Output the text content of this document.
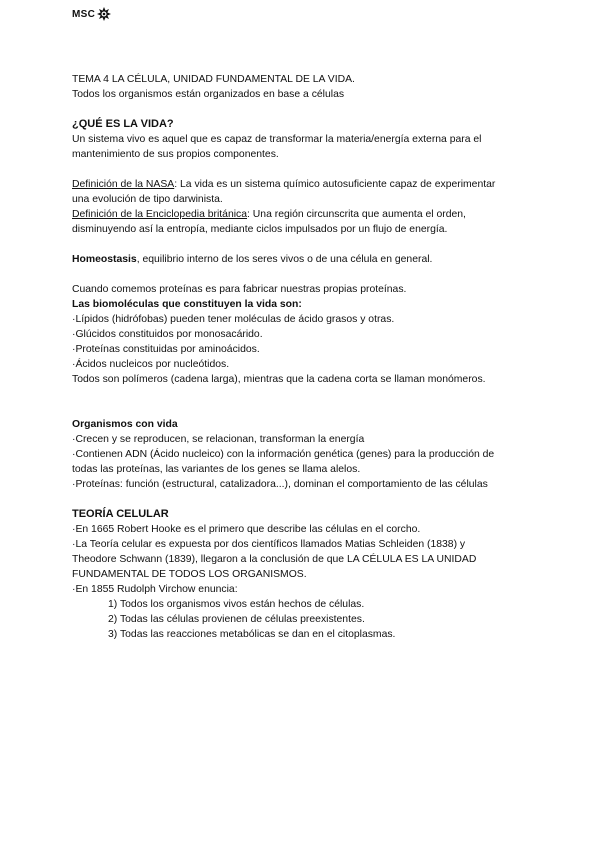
MSC

TEMA 4 LA CÉLULA, UNIDAD FUNDAMENTAL DE LA VIDA.

Todos los organismos están organizados en base a células

¿QUÉ ES LA VIDA?

Un sistema vivo es aquel que es capaz de transformar la materia/energía externa para el

mantenimiento de sus propios componentes.

Definición de la NASA: La vida es un sistema químico autosuficiente capaz de experimentar

una evolución de tipo darwinista.

Definición de la Enciclopedia británica: Una región circunscrita que aumenta el orden,

disminuyendo así la entropía, mediante ciclos impulsados por un flujo de energía.

Homeostasis, equilibrio interno de los seres vivos o de una célula en general.

Cuando comemos proteínas es para fabricar nuestras propias proteínas.

Las biomoléculas que constituyen la vida son:

·Lípidos (hidrófobas) pueden tener moléculas de ácido grasos y otras.

·Glúcidos constituidos por monosacárido.

·Proteínas constituidas por aminoácidos.

·Ácidos nucleicos por nucleótidos.

Todos son polímeros (cadena larga), mientras que la cadena corta se llaman monómeros.

Organismos con vida

·Crecen y se reproducen, se relacionan, transforman la energía

·Contienen ADN (Ácido nucleico) con la información genética (genes) para la producción de

todas las proteínas, las variantes de los genes se llama alelos.

·Proteínas: función (estructural, catalizadora...), dominan el comportamiento de las células

TEORÍA CELULAR

·En 1665 Robert Hooke es el primero que describe las células en el corcho.

·La Teoría celular es expuesta por dos científicos llamados Matias Schleiden (1838) y

Theodore Schwann (1839), llegaron a la conclusión de que LA CÉLULA ES LA UNIDAD

FUNDAMENTAL DE TODOS LOS ORGANISMOS.

·En 1855 Rudolph Virchow enuncia:

1) Todos los organismos vivos están hechos de células.

2) Todas las células provienen de células preexistentes.

3) Todas las reacciones metabólicas se dan en el citoplasmas.
